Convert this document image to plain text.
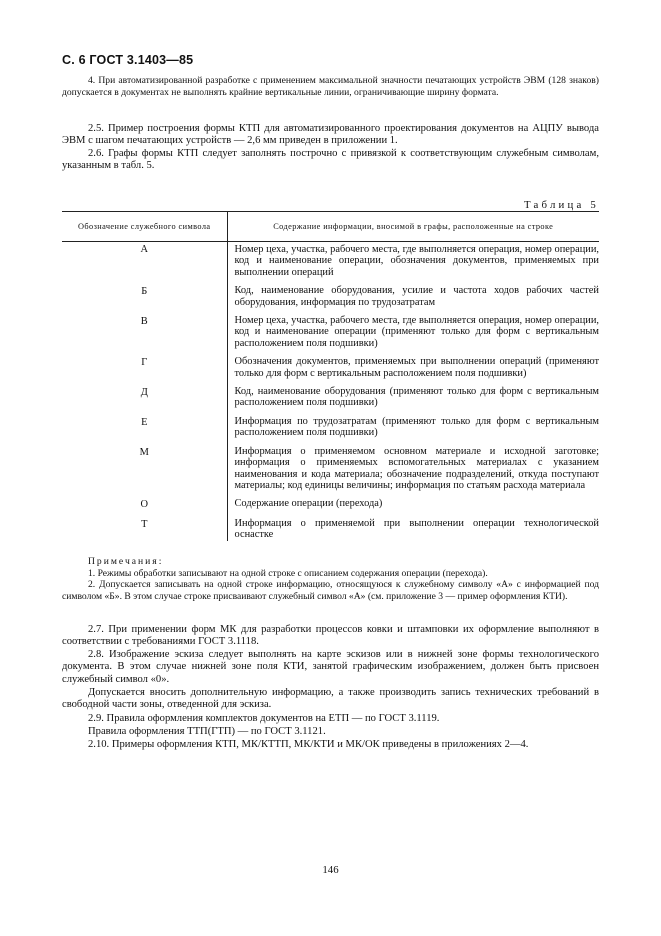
С. 6 ГОСТ 3.1403—85

4. При автоматизированной разработке с применением максимальной значности печатающих устройств ЭВМ (128 знаков) допускается в документах не выполнять крайние вертикальные линии, ограничивающие ширину формата.

2.5. Пример построения формы КТП для автоматизированного проектирования документов на АЦПУ вывода ЭВМ с шагом печатающих устройств — 2,6 мм приведен в приложении 1.

2.6. Графы формы КТП следует заполнять построчно с привязкой к соответствующим служебным символам, указанным в табл. 5.

Таблица 5
Обозначение служебного символа	Содержание информации, вносимой в графы, расположенные на строке
А	Номер цеха, участка, рабочего места, где выполняется операция, номер операции, код и наименование операции, обозначения документов, применяемых при выполнении операций
Б	Код, наименование оборудования, усилие и частота ходов рабочих частей оборудования, информация по трудозатратам
В	Номер цеха, участка, рабочего места, где выполняется операция, номер операции, код и наименование операции (применяют только для форм с вертикальным расположением поля подшивки)
Г	Обозначения документов, применяемых при выполнении операций (применяют только для форм с вертикальным расположением поля подшивки)
Д	Код, наименование оборудования (применяют только для форм с вертикальным расположением поля подшивки)
Е	Информация по трудозатратам (применяют только для форм с вертикальным расположением поля подшивки)
М	Информация о применяемом основном материале и исходной заготовке; информация о применяемых вспомогательных материалах с указанием наименования и кода материала; обозначение подразделений, откуда поступают материалы; код единицы величины; информация по статьям расхода материала
О	Содержание операции (перехода)
Т	Информация о применяемой при выполнении операции технологической оснастке

Примечания:

1. Режимы обработки записывают на одной строке с описанием содержания операции (перехода).

2. Допускается записывать на одной строке информацию, относящуюся к служебному символу «А» с информацией под символом «Б». В этом случае строке присваивают служебный символ «А» (см. приложение 3 — пример оформления КТИ).

2.7. При применении форм МК для разработки процессов ковки и штамповки их оформление выполняют в соответствии с требованиями ГОСТ 3.1118.

2.8. Изображение эскиза следует выполнять на карте эскизов или в нижней зоне формы технологического документа. В этом случае нижней зоне поля КТИ, занятой графическим изображением, должен быть присвоен служебный символ «0».

Допускается вносить дополнительную информацию, а также производить запись технических требований в свободной части зоны, отведенной для эскиза.

2.9. Правила оформления комплектов документов на ЕТП — по ГОСТ 3.1119.

Правила оформления ТТП(ГТП) — по ГОСТ 3.1121.

2.10. Примеры оформления КТП, МК/КТТП, МК/КТИ и МК/ОК приведены в приложениях 2—4.

146
